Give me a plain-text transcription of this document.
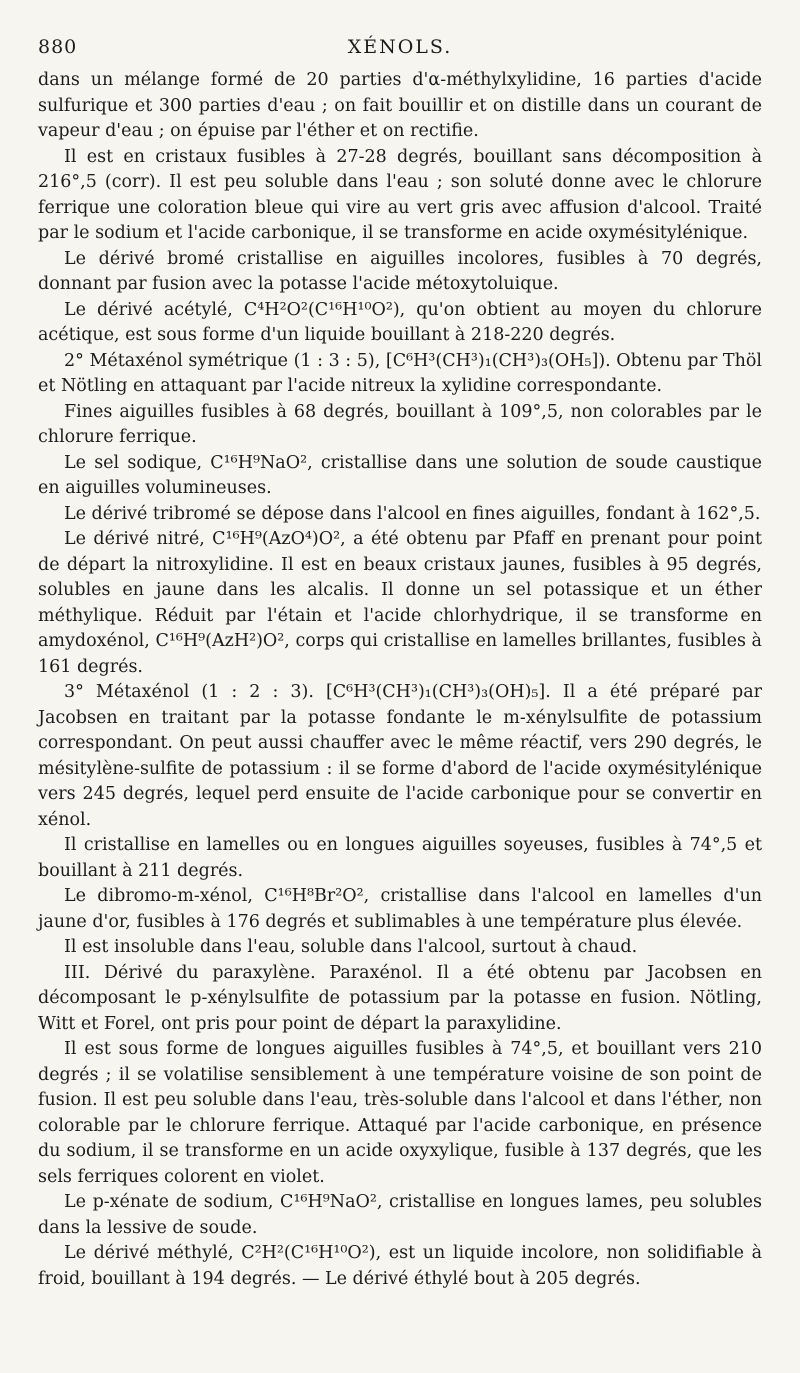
880	XÉNOLS.

dans un mélange formé de 20 parties d'α-méthylxylidine, 16 parties d'acide sulfurique et 300 parties d'eau ; on fait bouillir et on distille dans un courant de vapeur d'eau ; on épuise par l'éther et on rectifie.

Il est en cristaux fusibles à 27-28 degrés, bouillant sans décomposition à 216°,5 (corr). Il est peu soluble dans l'eau ; son soluté donne avec le chlorure ferrique une coloration bleue qui vire au vert gris avec affusion d'alcool. Traité par le sodium et l'acide carbonique, il se transforme en acide oxymésitylénique.

Le dérivé bromé cristallise en aiguilles incolores, fusibles à 70 degrés, donnant par fusion avec la potasse l'acide métoxytoluique.

Le dérivé acétylé, C⁴H²O²(C¹⁶H¹⁰O²), qu'on obtient au moyen du chlorure acétique, est sous forme d'un liquide bouillant à 218-220 degrés.

2° Métaxénol symétrique (1 : 3 : 5), [C⁶H³(CH³)₁(CH³)₃(OH₅]). Obtenu par Thöl et Nötling en attaquant par l'acide nitreux la xylidine correspondante.

Fines aiguilles fusibles à 68 degrés, bouillant à 109°,5, non colorables par le chlorure ferrique.

Le sel sodique, C¹⁶H⁹NaO², cristallise dans une solution de soude caustique en aiguilles volumineuses.

Le dérivé tribromé se dépose dans l'alcool en fines aiguilles, fondant à 162°,5.

Le dérivé nitré, C¹⁶H⁹(AzO⁴)O², a été obtenu par Pfaff en prenant pour point de départ la nitroxylidine. Il est en beaux cristaux jaunes, fusibles à 95 degrés, solubles en jaune dans les alcalis. Il donne un sel potassique et un éther méthylique. Réduit par l'étain et l'acide chlorhydrique, il se transforme en amydoxénol, C¹⁶H⁹(AzH²)O², corps qui cristallise en lamelles brillantes, fusibles à 161 degrés.

3° Métaxénol (1 : 2 : 3). [C⁶H³(CH³)₁(CH³)₃(OH)₅]. Il a été préparé par Jacobsen en traitant par la potasse fondante le m-xénylsulfite de potassium correspondant. On peut aussi chauffer avec le même réactif, vers 290 degrés, le mésitylène-sulfite de potassium : il se forme d'abord de l'acide oxymésitylénique vers 245 degrés, lequel perd ensuite de l'acide carbonique pour se convertir en xénol.

Il cristallise en lamelles ou en longues aiguilles soyeuses, fusibles à 74°,5 et bouillant à 211 degrés.

Le dibromo-m-xénol, C¹⁶H⁸Br²O², cristallise dans l'alcool en lamelles d'un jaune d'or, fusibles à 176 degrés et sublimables à une température plus élevée.

Il est insoluble dans l'eau, soluble dans l'alcool, surtout à chaud.

III. Dérivé du paraxylène. Paraxénol. Il a été obtenu par Jacobsen en décomposant le p-xénylsulfite de potassium par la potasse en fusion. Nötling, Witt et Forel, ont pris pour point de départ la paraxylidine.

Il est sous forme de longues aiguilles fusibles à 74°,5, et bouillant vers 210 degrés ; il se volatilise sensiblement à une température voisine de son point de fusion. Il est peu soluble dans l'eau, très-soluble dans l'alcool et dans l'éther, non colorable par le chlorure ferrique. Attaqué par l'acide carbonique, en présence du sodium, il se transforme en un acide oxyxylique, fusible à 137 degrés, que les sels ferriques colorent en violet.

Le p-xénate de sodium, C¹⁶H⁹NaO², cristallise en longues lames, peu solubles dans la lessive de soude.

Le dérivé méthylé, C²H²(C¹⁶H¹⁰O²), est un liquide incolore, non solidifiable à froid, bouillant à 194 degrés. — Le dérivé éthylé bout à 205 degrés.
